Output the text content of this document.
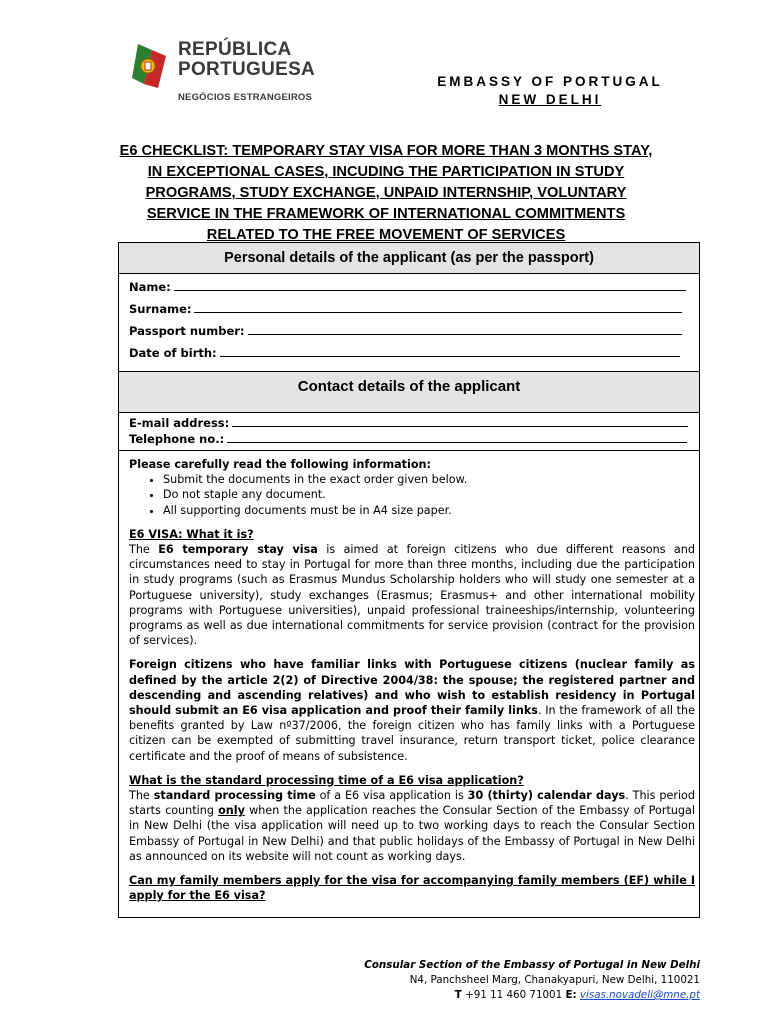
REPÚBLICA
PORTUGUESA
NEGÓCIOS ESTRANGEIROS
EMBASSY OF PORTUGAL
NEW DELHI
E6 CHECKLIST: TEMPORARY STAY VISA FOR MORE THAN 3 MONTHS STAY, IN EXCEPTIONAL CASES, INCUDING THE PARTICIPATION IN STUDY PROGRAMS, STUDY EXCHANGE, UNPAID INTERNSHIP, VOLUNTARY SERVICE IN THE FRAMEWORK OF INTERNATIONAL COMMITMENTS RELATED TO THE FREE MOVEMENT OF SERVICES
Personal details of the applicant (as per the passport)
Name:
Surname:
Passport number:
Date of birth:
Contact details of the applicant
E-mail address:
Telephone no.:

Please carefully read the following information:

• Submit the documents in the exact order given below.
• Do not staple any document.
• All supporting documents must be in A4 size paper.

E6 VISA: What it is?

The E6 temporary stay visa is aimed at foreign citizens who due different reasons and circumstances need to stay in Portugal for more than three months, including due the participation in study programs (such as Erasmus Mundus Scholarship holders who will study one semester at a Portuguese university), study exchanges (Erasmus; Erasmus+ and other international mobility programs with Portuguese universities), unpaid professional traineeships/internship, volunteering programs as well as due international commitments for service provision (contract for the provision of services).

Foreign citizens who have familiar links with Portuguese citizens (nuclear family as defined by the article 2(2) of Directive 2004/38: the spouse; the registered partner and descending and ascending relatives) and who wish to establish residency in Portugal should submit an E6 visa application and proof their family links. In the framework of all the benefits granted by Law nº37/2006, the foreign citizen who has family links with a Portuguese citizen can be exempted of submitting travel insurance, return transport ticket, police clearance certificate and the proof of means of subsistence.

What is the standard processing time of a E6 visa application?

The standard processing time of a E6 visa application is 30 (thirty) calendar days. This period starts counting only when the application reaches the Consular Section of the Embassy of Portugal in New Delhi (the visa application will need up to two working days to reach the Consular Section Embassy of Portugal in New Delhi) and that public holidays of the Embassy of Portugal in New Delhi as announced on its website will not count as working days.

Can my family members apply for the visa for accompanying family members (EF) while I apply for the E6 visa?

Consular Section of the Embassy of Portugal in New Delhi
N4, Panchsheel Marg, Chanakyapuri, New Delhi, 110021
T +91 11 460 71001 E: visas.novadeli@mne.pt
